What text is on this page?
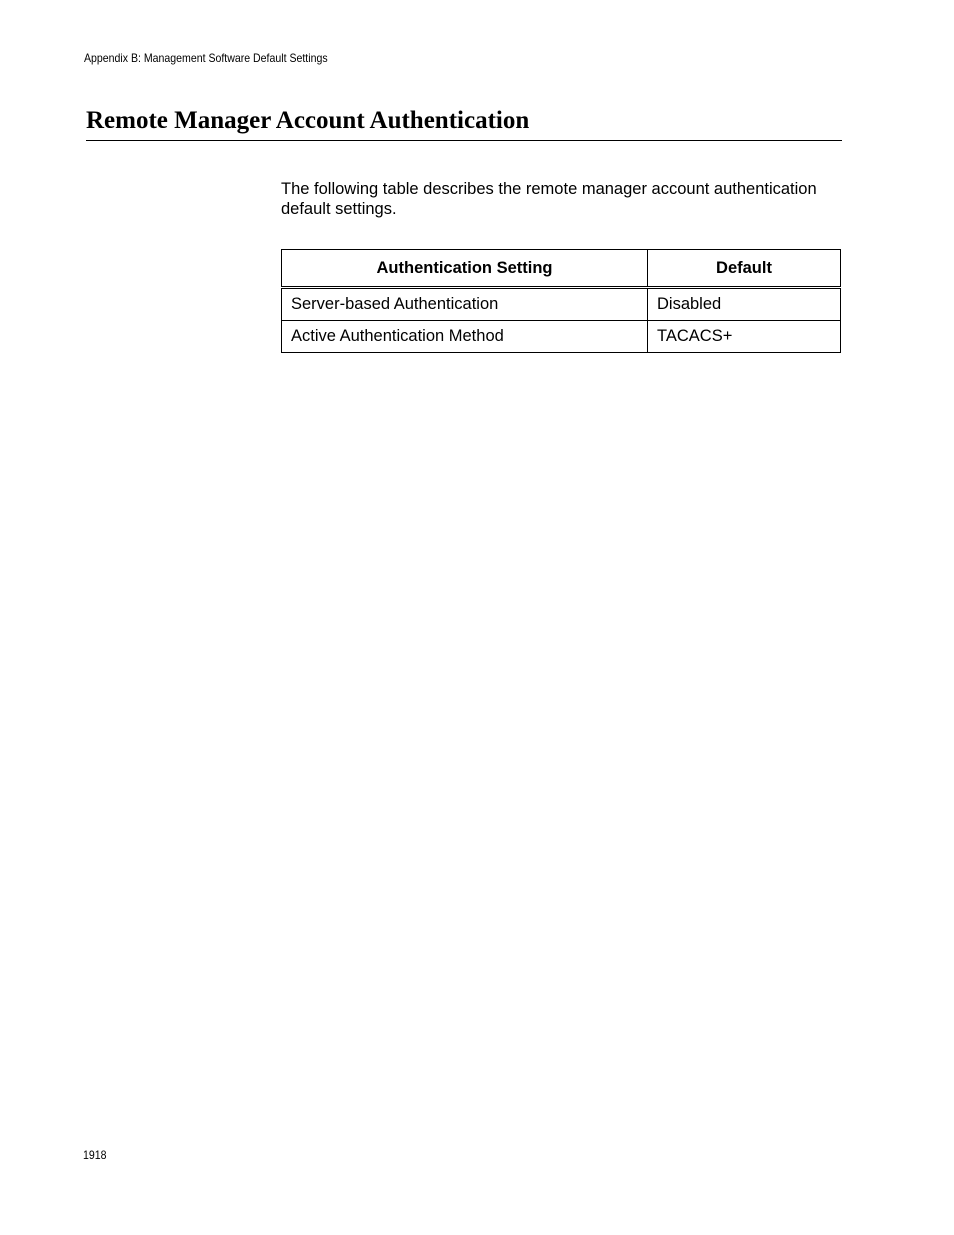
Appendix B: Management Software Default Settings
Remote Manager Account Authentication

The following table describes the remote manager account authentication default settings.

Authentication Setting	Default
Server-based Authentication	Disabled
Active Authentication Method	TACACS+
1918
